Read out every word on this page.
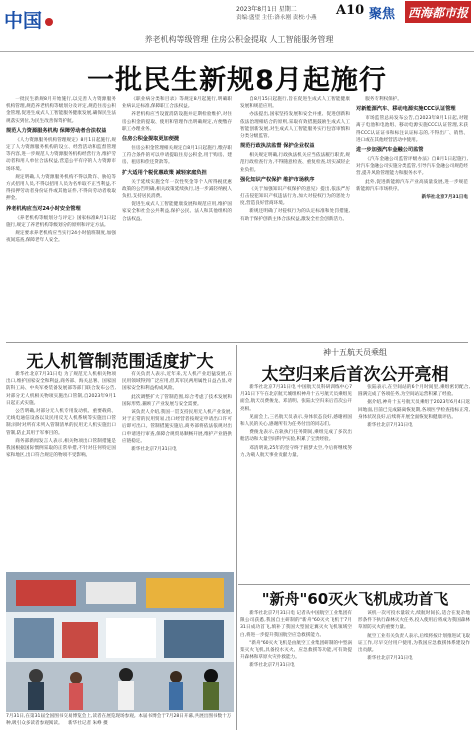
中国
2023年8月1日 星期二
责编:盛望 主任:洛永刚 责校:小燕 A10 聚焦 西海都市报
养老机构等级管理 住房公积金提取 人工智能服务管理
一批民生新规8月起施行

一批民生新规8月开始施行,以完善人力资源服务机构管理,规范养老机构等级划分及评定,规范住房公积金管理,促进生成式人工智能服务健康发展,确保民生法规落实到位,为民生改善保驾护航。

规范人力资源服务机构 保障劳动者合法权益

《人力资源服务机构管理规定》8月1日起施行,规定了人力资源服务机构的设立、经营活动和监督管理等内容,进一步规范人力资源服务机构经营行为,维护劳动者和用人单位合法权益,营造公平有序的人力资源市场环境。

规定明确,人力资源服务机构不得以欺诈、胁迫等方式招用人员,不得以招用人员为名牟取不正当利益,不得扣押劳动者身份证件或其他证件,不得向劳动者收取押金。

养老机构应当对24小时安全管理

《养老机构等级划分与评定》国家标准8月1日起施行,规定了养老机构等级划分的原则和评定方法。

规定要求养老机构应当实行24小时值班制度,加强夜间巡查,保障老年人安全。

《职业病分类和目录》等规定8月起施行,明确职业病认定标准,保障职工合法权益。

养老机构应当设置消防设施并定期检验维护,对住房公积金的提取、使用和管理作出明确规定,方便缴存职工办理业务。

住房公积金提取更加便捷

住房公积金管理相关规定自8月1日起施行,缴存职工符合条件的可以申请提取住房公积金,用于购房、建房、租房和偿还贷款等。

扩大适用个税优惠政策 减轻家庭负担

关于延续实施全年一次性奖金等个人所得税优惠政策的公告明确,相关政策延续执行,进一步减轻纳税人负担,支持居民消费。

促进生成式人工智能健康发展和规范应用,维护国家安全和社会公共利益,保护公民、法人和其他组织的合法权益。

自8月15日起施行,旨在促进生成式人工智能健康发展和规范应用。

办法提出,国家坚持发展和安全并重、促进创新和依法治理相结合的原则,采取有效措施鼓励生成式人工智能创新发展,对生成式人工智能服务实行包容审慎和分类分级监管。

规范行政执法监督 保护企业权益

相关规定明确,行政执法机关应当依法履行职责,规范行政检查行为,不得随意检查、重复检查,切实减轻企业负担。

强化知识产权保护 维护市场秩序

《关于加强知识产权保护的意见》提出,依法严厉打击侵犯知识产权违法行为,加大对侵权行为的惩处力度,营造良好营商环境。

新规还明确了对侵权行为的认定标准和处罚措施,有助于保护创新主体合法权益,激发全社会创新活力。

服务专利权保护。

对新能源汽车、移动电源实施CCC认证管理

市场监管总局发布公告,自2023年8月1日起,对锂离子电池和电池组、移动电源实施CCC认证管理,未获得CCC认证证书和标注认证标志的,不得出厂、销售、进口或在其他经营活动中使用。

进一步加强汽车金融公司监管

《汽车金融公司监管评级办法》自8月1日起施行,对汽车金融公司实施分类监管,引导汽车金融公司规范经营,提升风险管理能力和服务水平。

此外,促进新能源汽车产业高质量发展,进一步规范新能源汽车市场秩序。

新华社北京7月31日电

无人机管制范围适度扩大

新华社北京7月31日电 为了规范无人机相关物项出口,维护国家安全和利益,商务部、海关总署、国家国防科工局、中央军委装备发展部等部门联合发布公告,对部分无人机相关物项实施出口管制,自2023年9月1日起正式实施。

公告明确,对部分无人机专用发动机、重要载荷、无线电通信设备以及民用反无人机系统等实施出口管制;同时对所有未列入管制清单的民用无人机实施出口管制,防止其用于军事目的。

商务部新闻发言人表示,相关物项出口管制措施是我国根据国际惯例采取的正常举措,不针对任何特定国家和地区,出口符合规定的物项不受影响。

有关负责人表示,近年来,无人机产业迅猛发展,在民用领域得到广泛应用,但其军民两用属性日益凸显,对国家安全和利益构成风险。

此次调整扩大了管制范围,综合考虑了技术发展和国际形势,兼顾了产业发展与安全需要。

该负责人介绍,我国一贯支持民用无人机产业发展,对于正常的民用贸易,出口经营者按规定申请出口许可后即可出口。管制措施实施后,商务部将依法依规对出口申请进行审查,保障合规贸易顺畅开展,维护产业链供应链稳定。

新华社北京7月31日电

神十五航天员乘组
太空归来后首次公开亮相

新华社北京7月31日电 中国航天员科研训练中心7月31日下午在北京航天城组织神舟十五号航天员乘组见面会,航天员费俊龙、邓清明、张陆太空归来后首次公开亮相。

见面会上,三名航天员表示,身体状态良好,感谢祖国和人民的关心,感谢所有为任务付出的同志们。

费俊龙表示,在轨执行任务期间,乘组完成了多次出舱活动和大量空间科学实验,积累了宝贵经验。

邓清明说,25年的坚守终于圆梦太空,今后将继续努力,为载人航天事业贡献力量。

张陆表示,在空间站的6个月时间里,乘组密切配合,圆满完成了各项任务,为空间站运营积累了经验。

据介绍,神舟十五号航天员乘组于2023年6月4日返回地面,目前已完成隔离恢复期,各项医学检查指标正常,身体状况良好,后续将开展全面恢复和健康评估。

新华社北京7月31日电

7月31日,在第31届全国图书交易博览会上,读者在展览现场参观。本届书博会于7月28日开幕,共展出图书数十万种,吸引众多读者参观阅读。 新华社记者 朱峥 摄
"新舟"60灭火飞机成功首飞

新华社北京7月31日电 记者从中国航空工业集团有限公司获悉,我国自主研制的"新舟"60灭火飞机于7月31日成功首飞,填补了我国大型固定翼灭火飞机领域空白,将进一步提升我国航空应急救援能力。

"新舟"60灭火飞机是由航空工业集团研制的中型涡桨灭火飞机,具备投水灭火、应急救援等功能,可有效提升森林和草原火灾扑救能力。

新华社北京7月31日电

该机一次可投水量较大,续航时间长,适合在复杂地形条件下执行森林灭火任务,投入使用后将成为我国森林草原防灭火的重要力量。

航空工业有关负责人表示,后续将按计划推进试飞取证工作,尽早交付用户使用,为我国应急救援体系建设作出贡献。

新华社北京7月31日电
